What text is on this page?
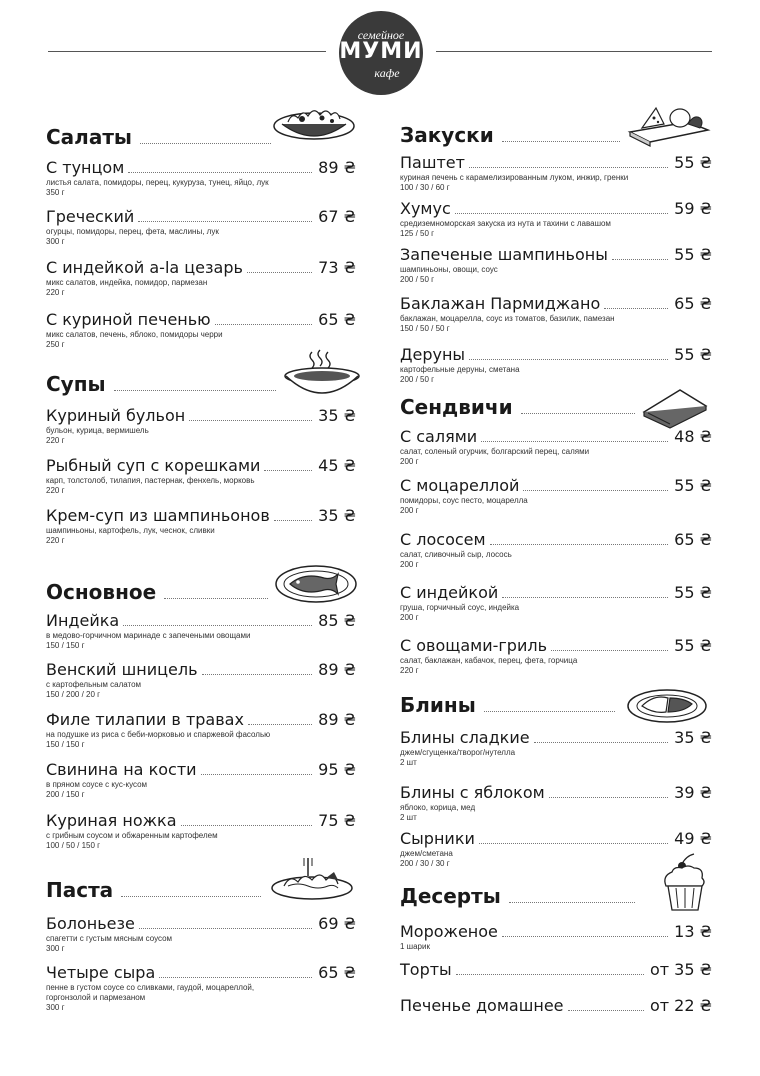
семейное
МУМИ
кафе
Салаты
С тунцом	89 ₴
листья салата, помидоры, перец, кукуруза, тунец, яйцо, лук
350 г
Греческий	67 ₴
огурцы, помидоры, перец, фета, маслины, лук
300 г
С индейкой a-la цезарь	73 ₴
микс салатов, индейка, помидор, пармезан
220 г
С куриной печенью	65 ₴
микс салатов, печень, яблоко, помидоры черри
250 г
Супы
Куриный бульон	35 ₴
бульон, курица, вермишель
220 г
Рыбный суп с корешками	45 ₴
карп, толстолоб, тилапия, пастернак, фенхель, морковь
220 г
Крем-суп из шампиньонов	35 ₴
шампиньоны, картофель, лук, чеснок, сливки
220 г
Основное
Индейка	85 ₴
в медово-горчичном маринаде с запечеными овощами
150 / 150 г
Венский шницель	89 ₴
с картофельным салатом
150 / 200 / 20 г
Филе тилапии в травах	89 ₴
на подушке из риса с беби-морковью и спаржевой фасолью
150 / 150 г
Свинина на кости	95 ₴
в пряном соусе с кус-кусом
200 / 150 г
Куриная ножка	75 ₴
с грибным соусом и обжаренным картофелем
100 / 50 / 150 г
Паста
Болоньезе	69 ₴
спагетти с густым мясным соусом
300 г
Четыре сыра	65 ₴
пенне в густом соусе со сливками, гаудой, моцареллой, горгонзолой и пармезаном
300 г
Закуски
Паштет	55 ₴
куриная печень с карамелизированным луком, инжир, гренки
100 / 30 / 60 г
Хумус	59 ₴
средиземноморская закуска из нута и тахини с лавашом
125 / 50 г
Запеченые шампиньоны	55 ₴
шампиньоны, овощи, соус
200 / 50 г
Баклажан Пармиджано	65 ₴
баклажан, моцарелла, соус из томатов, базилик, памезан
150 / 50 / 50 г
Деруны	55 ₴
картофельные деруны, сметана
200 / 50 г
Сендвичи
С салями	48 ₴
салат, соленый огурчик, болгарский перец, салями
200 г
С моцареллой	55 ₴
помидоры, соус песто, моцарелла
200 г
С лососем	65 ₴
салат, сливочный сыр, лосось
200 г
С индейкой	55 ₴
груша, горчичный соус, индейка
200 г
С овощами-гриль	55 ₴
салат, баклажан, кабачок, перец, фета, горчица
220 г
Блины
Блины сладкие	35 ₴
джем/сгущенка/творог/нутелла
2 шт
Блины с яблоком	39 ₴
яблоко, корица, мед
2 шт
Сырники	49 ₴
джем/сметана
200 / 30 / 30 г
Десерты
Мороженое	13 ₴
1 шарик
Торты	от 35 ₴
Печенье домашнее	от 22 ₴
